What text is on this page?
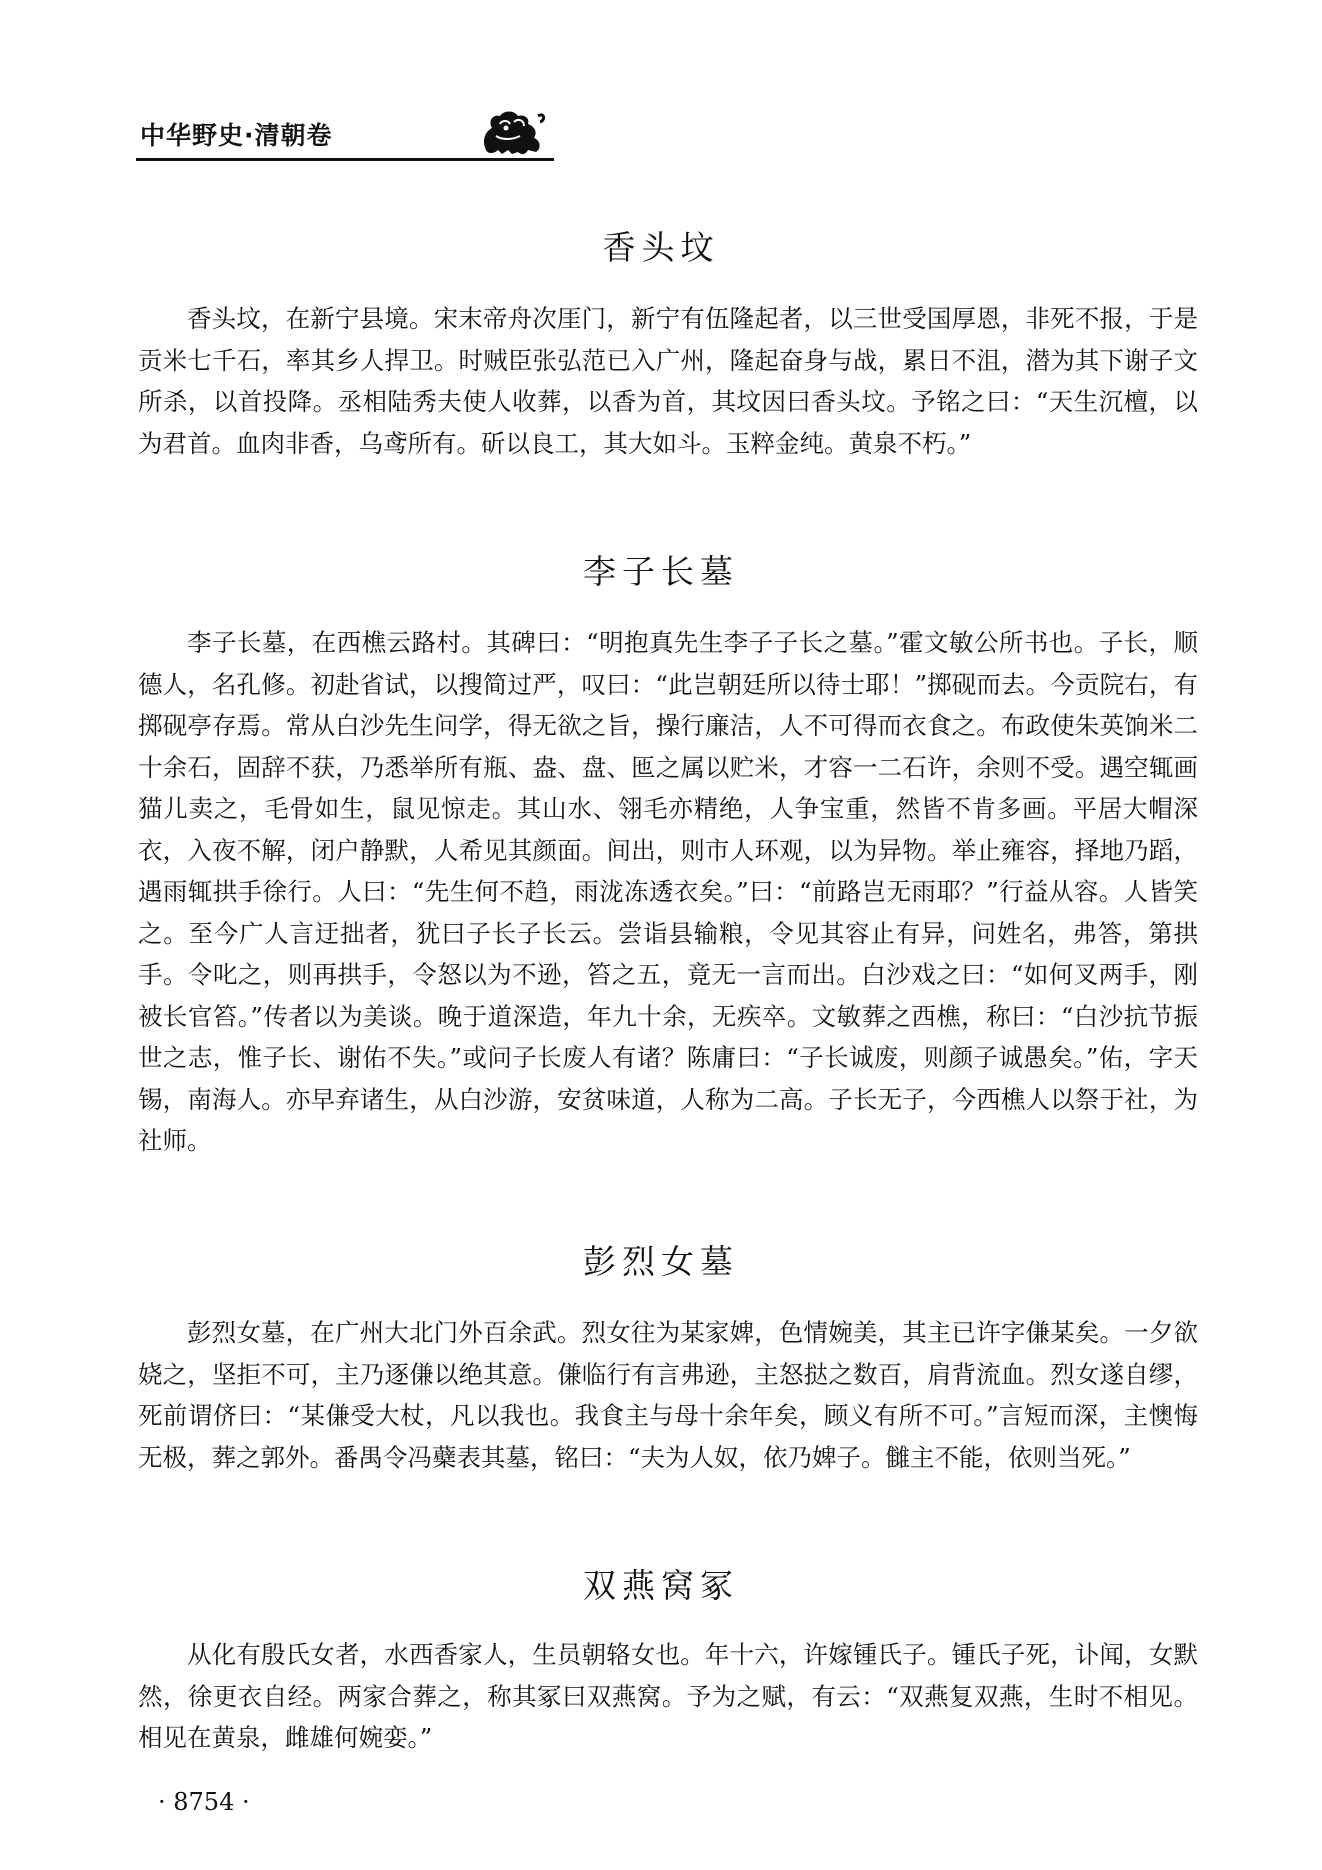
中华野史·清朝卷
香头坟
香头坟，在新宁县境。宋末帝舟次厓门，新宁有伍隆起者，以三世受国厚恩，非死不报，于是贡米七千石，率其乡人捍卫。时贼臣张弘范已入广州，隆起奋身与战，累日不沮，潜为其下谢子文所杀，以首投降。丞相陆秀夫使人收葬，以香为首，其坟因曰香头坟。予铭之曰：“天生沉檀，以为君首。血肉非香，乌鸢所有。斫以良工，其大如斗。玉粹金纯。黄泉不朽。”
李子长墓
李子长墓，在西樵云路村。其碑曰：“明抱真先生李子子长之墓。”霍文敏公所书也。子长，顺德人，名孔修。初赴省试，以搜简过严，叹曰：“此岂朝廷所以待士耶！”掷砚而去。今贡院右，有掷砚亭存焉。常从白沙先生问学，得无欲之旨，操行廉洁，人不可得而衣食之。布政使朱英饷米二十余石，固辞不获，乃悉举所有瓶、盎、盘、匜之属以贮米，才容一二石许，余则不受。遇空辄画猫儿卖之，毛骨如生，鼠见惊走。其山水、翎毛亦精绝，人争宝重，然皆不肯多画。平居大帽深衣，入夜不解，闭户静默，人希见其颜面。间出，则市人环观，以为异物。举止雍容，择地乃蹈，遇雨辄拱手徐行。人曰：“先生何不趋，雨泷冻透衣矣。”曰：“前路岂无雨耶？”行益从容。人皆笑之。至今广人言迂拙者，犹曰子长子长云。尝诣县输粮，令见其容止有异，问姓名，弗答，第拱手。令叱之，则再拱手，令怒以为不逊，笞之五，竟无一言而出。白沙戏之曰：“如何叉两手，刚被长官笞。”传者以为美谈。晚于道深造，年九十余，无疾卒。文敏葬之西樵，称曰：“白沙抗节振世之志，惟子长、谢佑不失。”或问子长废人有诸？陈庸曰：“子长诚废，则颜子诚愚矣。”佑，字天锡，南海人。亦早弃诸生，从白沙游，安贫味道，人称为二高。子长无子，今西樵人以祭于社，为社师。
彭烈女墓
彭烈女墓，在广州大北门外百余武。烈女往为某家婢，色情婉美，其主已许字傔某矣。一夕欲娆之，坚拒不可，主乃逐傔以绝其意。傔临行有言弗逊，主怒挞之数百，肩背流血。烈女遂自缪，死前谓侪曰：“某傔受大杖，凡以我也。我食主与母十余年矣，顾义有所不可。”言短而深，主懊悔无极，葬之郭外。番禺令冯蘗表其墓，铭曰：“夫为人奴，依乃婢子。雠主不能，依则当死。”
双燕窝冢
从化有殷氏女者，水西香家人，生员朝辂女也。年十六，许嫁锺氏子。锺氏子死，讣闻，女默然，徐更衣自经。两家合葬之，称其冢曰双燕窝。予为之赋，有云：“双燕复双燕，生时不相见。相见在黄泉，雌雄何婉娈。”
· 8754 ·
